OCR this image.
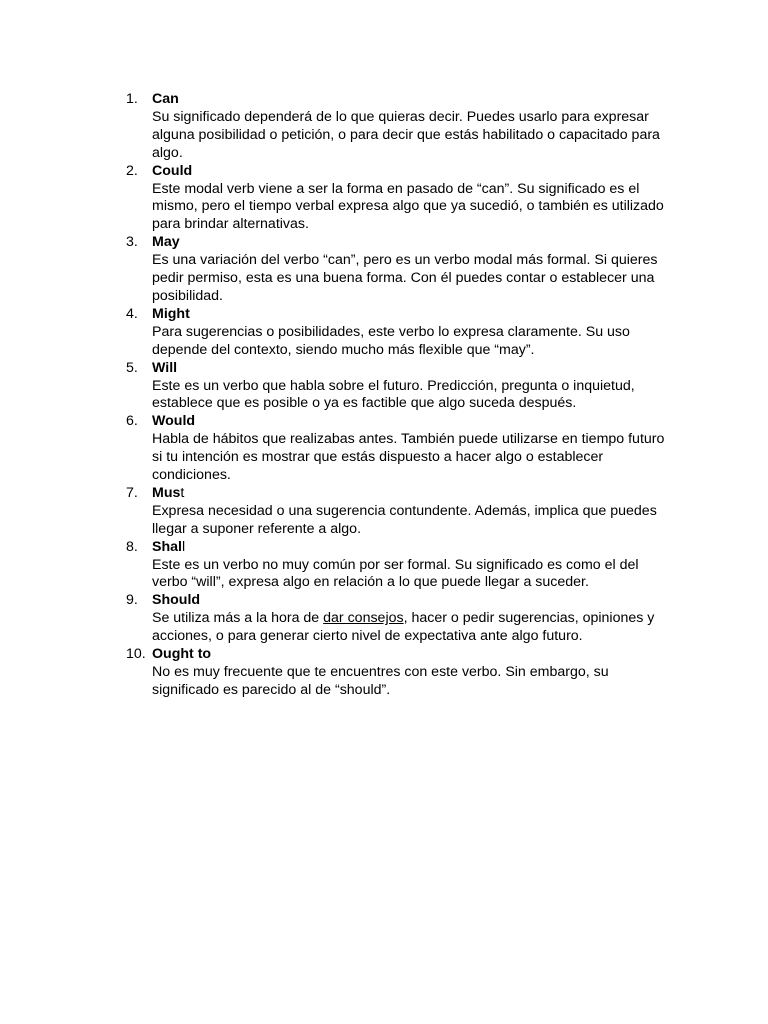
1. Can
Su significado dependerá de lo que quieras decir. Puedes usarlo para expresar alguna posibilidad o petición, o para decir que estás habilitado o capacitado para algo.
2. Could
Este modal verb viene a ser la forma en pasado de “can”. Su significado es el mismo, pero el tiempo verbal expresa algo que ya sucedió, o también es utilizado para brindar alternativas.
3. May
Es una variación del verbo “can”, pero es un verbo modal más formal. Si quieres pedir permiso, esta es una buena forma. Con él puedes contar o establecer una posibilidad.
4. Might
Para sugerencias o posibilidades, este verbo lo expresa claramente. Su uso depende del contexto, siendo mucho más flexible que “may”.
5. Will
Este es un verbo que habla sobre el futuro. Predicción, pregunta o inquietud, establece que es posible o ya es factible que algo suceda después.
6. Would
Habla de hábitos que realizabas antes. También puede utilizarse en tiempo futuro si tu intención es mostrar que estás dispuesto a hacer algo o establecer condiciones.
7. Must
Expresa necesidad o una sugerencia contundente. Además, implica que puedes llegar a suponer referente a algo.
8. Shall
Este es un verbo no muy común por ser formal. Su significado es como el del verbo “will”, expresa algo en relación a lo que puede llegar a suceder.
9. Should
Se utiliza más a la hora de dar consejos, hacer o pedir sugerencias, opiniones y acciones, o para generar cierto nivel de expectativa ante algo futuro.
10. Ought to
No es muy frecuente que te encuentres con este verbo. Sin embargo, su significado es parecido al de “should”.
